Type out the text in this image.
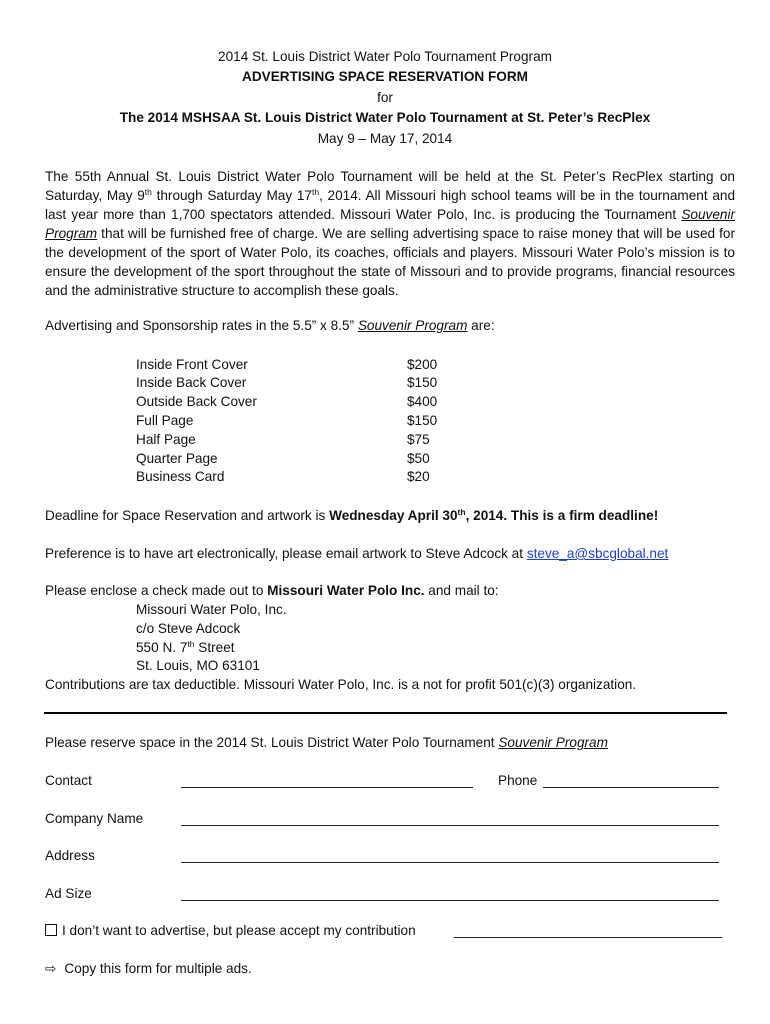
2014 St. Louis District Water Polo Tournament Program
ADVERTISING SPACE RESERVATION FORM
for
The 2014 MSHSAA St. Louis District Water Polo Tournament at St. Peter’s RecPlex
May 9 – May 17, 2014
The 55th Annual St. Louis District Water Polo Tournament will be held at the St. Peter’s RecPlex starting on Saturday, May 9th through Saturday May 17th, 2014. All Missouri high school teams will be in the tournament and last year more than 1,700 spectators attended. Missouri Water Polo, Inc. is producing the Tournament Souvenir Program that will be furnished free of charge. We are selling advertising space to raise money that will be used for the development of the sport of Water Polo, its coaches, officials and players. Missouri Water Polo’s mission is to ensure the development of the sport throughout the state of Missouri and to provide programs, financial resources and the administrative structure to accomplish these goals.
Advertising and Sponsorship rates in the 5.5” x 8.5” Souvenir Program are:
Inside Front Cover	$200
Inside Back Cover	$150
Outside Back Cover	$400
Full Page	$150
Half Page	$75
Quarter Page	$50
Business Card	$20
Deadline for Space Reservation and artwork is Wednesday April 30th, 2014. This is a firm deadline!
Preference is to have art electronically, please email artwork to Steve Adcock at steve_a@sbcglobal.net
Please enclose a check made out to Missouri Water Polo Inc. and mail to:
Missouri Water Polo, Inc.
c/o Steve Adcock
550 N. 7th Street
St. Louis, MO 63101
Contributions are tax deductible. Missouri Water Polo, Inc. is a not for profit 501(c)(3) organization.
Please reserve space in the 2014 St. Louis District Water Polo Tournament Souvenir Program
Contact	Phone
Company Name
Address
Ad Size
I don’t want to advertise, but please accept my contribution
⇨ Copy this form for multiple ads.
